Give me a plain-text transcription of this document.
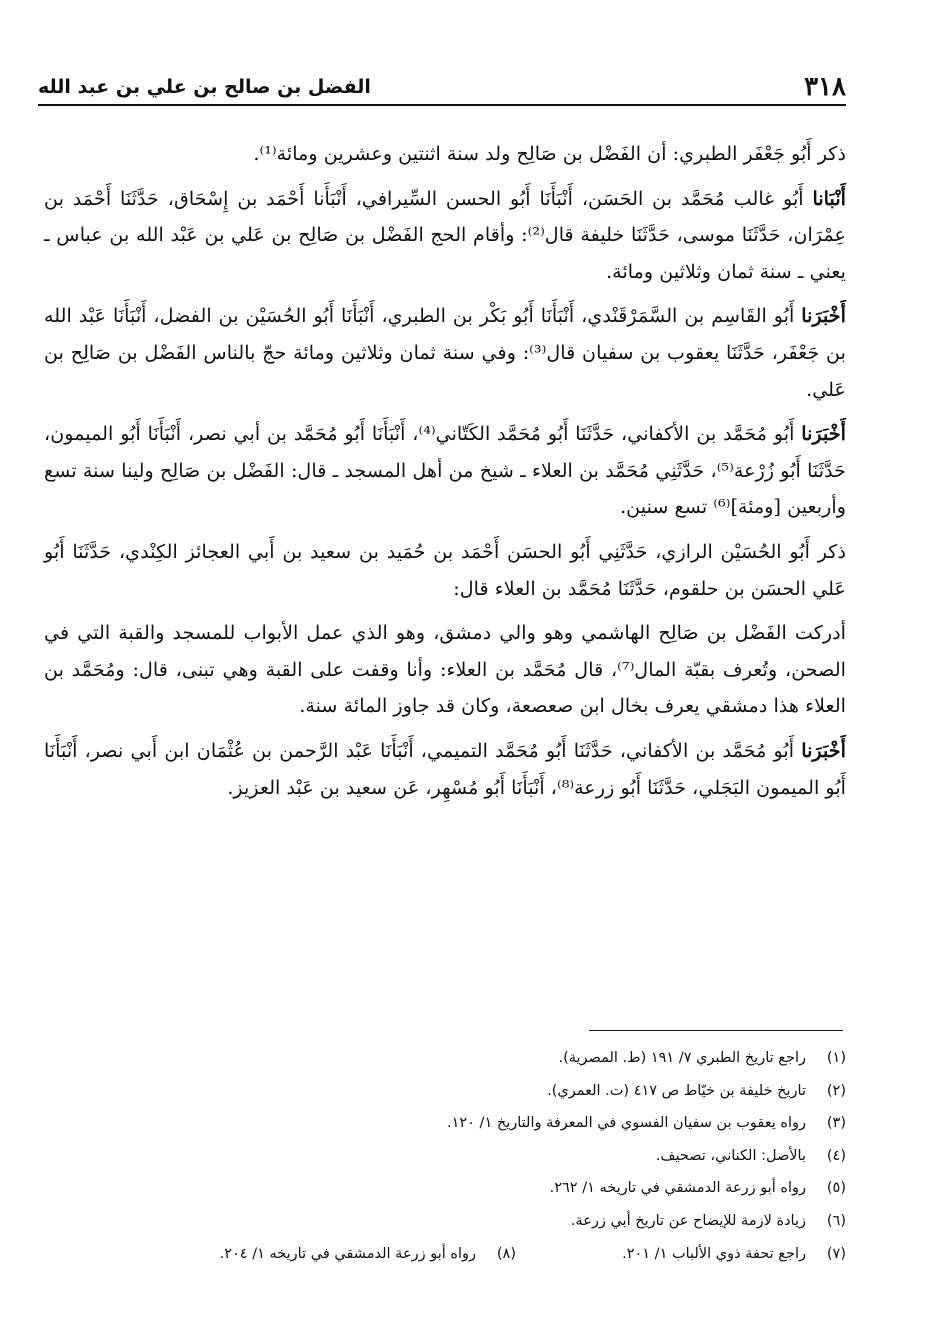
٣١٨
الفضل بن صالح بن علي بن عبد الله

ذكر أَبُو جَعْفَر الطبري: أن الفَضْل بن صَالِح ولد سنة اثنتين وعشرين ومائة⁽¹⁾.

أَنْبَانا أَبُو غالب مُحَمَّد بن الحَسَن، أَنْبَأَنَا أَبُو الحسن السِّيرافي، أَنْبَأَنا أَحْمَد بن إِسْحَاق، حَدَّثَنَا أَحْمَد بن عِمْرَان، حَدَّثَنَا موسى، حَدَّثَنَا خليفة قال⁽²⁾: وأقام الحج الفَضْل بن صَالِح بن عَلي بن عَبْد الله بن عباس ـ يعني ـ سنة ثمان وثلاثين ومائة.

أَخْبَرَنا أَبُو القَاسِم بن السَّمَرْقَنْدي، أَنْبَأَنَا أَبُو بَكْر بن الطبري، أَنْبَأَنَا أَبُو الحُسَيْن بن الفضل، أَنْبَأَنَا عَبْد الله بن جَعْفَر، حَدَّثَنَا يعقوب بن سفيان قال⁽³⁾: وفي سنة ثمان وثلاثين ومائة حجّ بالناس الفَضْل بن صَالِح بن عَلي.

أَخْبَرَنا أَبُو مُحَمَّد بن الأكفاني، حَدَّثَنَا أَبُو مُحَمَّد الكَتّاني⁽⁴⁾، أَنْبَأَنَا أَبُو مُحَمَّد بن أبي نصر، أَنْبَأَنَا أَبُو الميمون، حَدَّثَنَا أَبُو زُرْعة⁽⁵⁾، حَدَّثَنِي مُحَمَّد بن العلاء ـ شيخ من أهل المسجد ـ قال: الفَضْل بن صَالِح ولينا سنة تسع وأربعين [ومئة]⁽⁶⁾ تسع سنين.

ذكر أَبُو الحُسَيْن الرازي، حَدَّثَنِي أَبُو الحسَن أَحْمَد بن حُمَيد بن سعيد بن أَبي العجائز الكِنْدي، حَدَّثَنَا أَبُو عَلي الحسَن بن حلقوم، حَدَّثَنَا مُحَمَّد بن العلاء قال:

أدركت الفَضْل بن صَالِح الهاشمي وهو والي دمشق، وهو الذي عمل الأبواب للمسجد والقبة التي في الصحن، وتُعرف بقبّة المال⁽⁷⁾، قال مُحَمَّد بن العلاء: وأنا وقفت على القبة وهي تبنى، قال: ومُحَمَّد بن العلاء هذا دمشقي يعرف بخال ابن صعصعة، وكان قد جاوز المائة سنة.

أَخْبَرَنا أَبُو مُحَمَّد بن الأكفاني، حَدَّثَنَا أَبُو مُحَمَّد التميمي، أَنْبَأَنَا عَبْد الرَّحمن بن عُثْمَان ابن أَبي نصر، أَنْبَأَنَا أَبُو الميمون البَجَلي، حَدَّثَنَا أَبُو زرعة⁽⁸⁾، أَنْبَأَنَا أَبُو مُسْهِر، عَن سعيد بن عَبْد العزيز.

(١)
راجع تاريخ الطبري ٧/ ١٩١ (ط. المصرية).
(٢)
تاريخ خليفة بن خيّاط ص ٤١٧ (ت. العمري).
(٣)
رواه يعقوب بن سفيان الفسوي في المعرفة والتاريخ ١/ ١٢٠.
(٤)
بالأصل: الكناني، تصحيف.
(٥)
رواه أبو زرعة الدمشقي في تاريخه ١/ ٢٦٢.
(٦)
زيادة لازمة للإيضاح عن تاريخ أبي زرعة.
(٧)
راجع تحفة ذوي الألباب ١/ ٢٠١.
(٨)
رواه أبو زرعة الدمشقي في تاريخه ١/ ٢٠٤.
